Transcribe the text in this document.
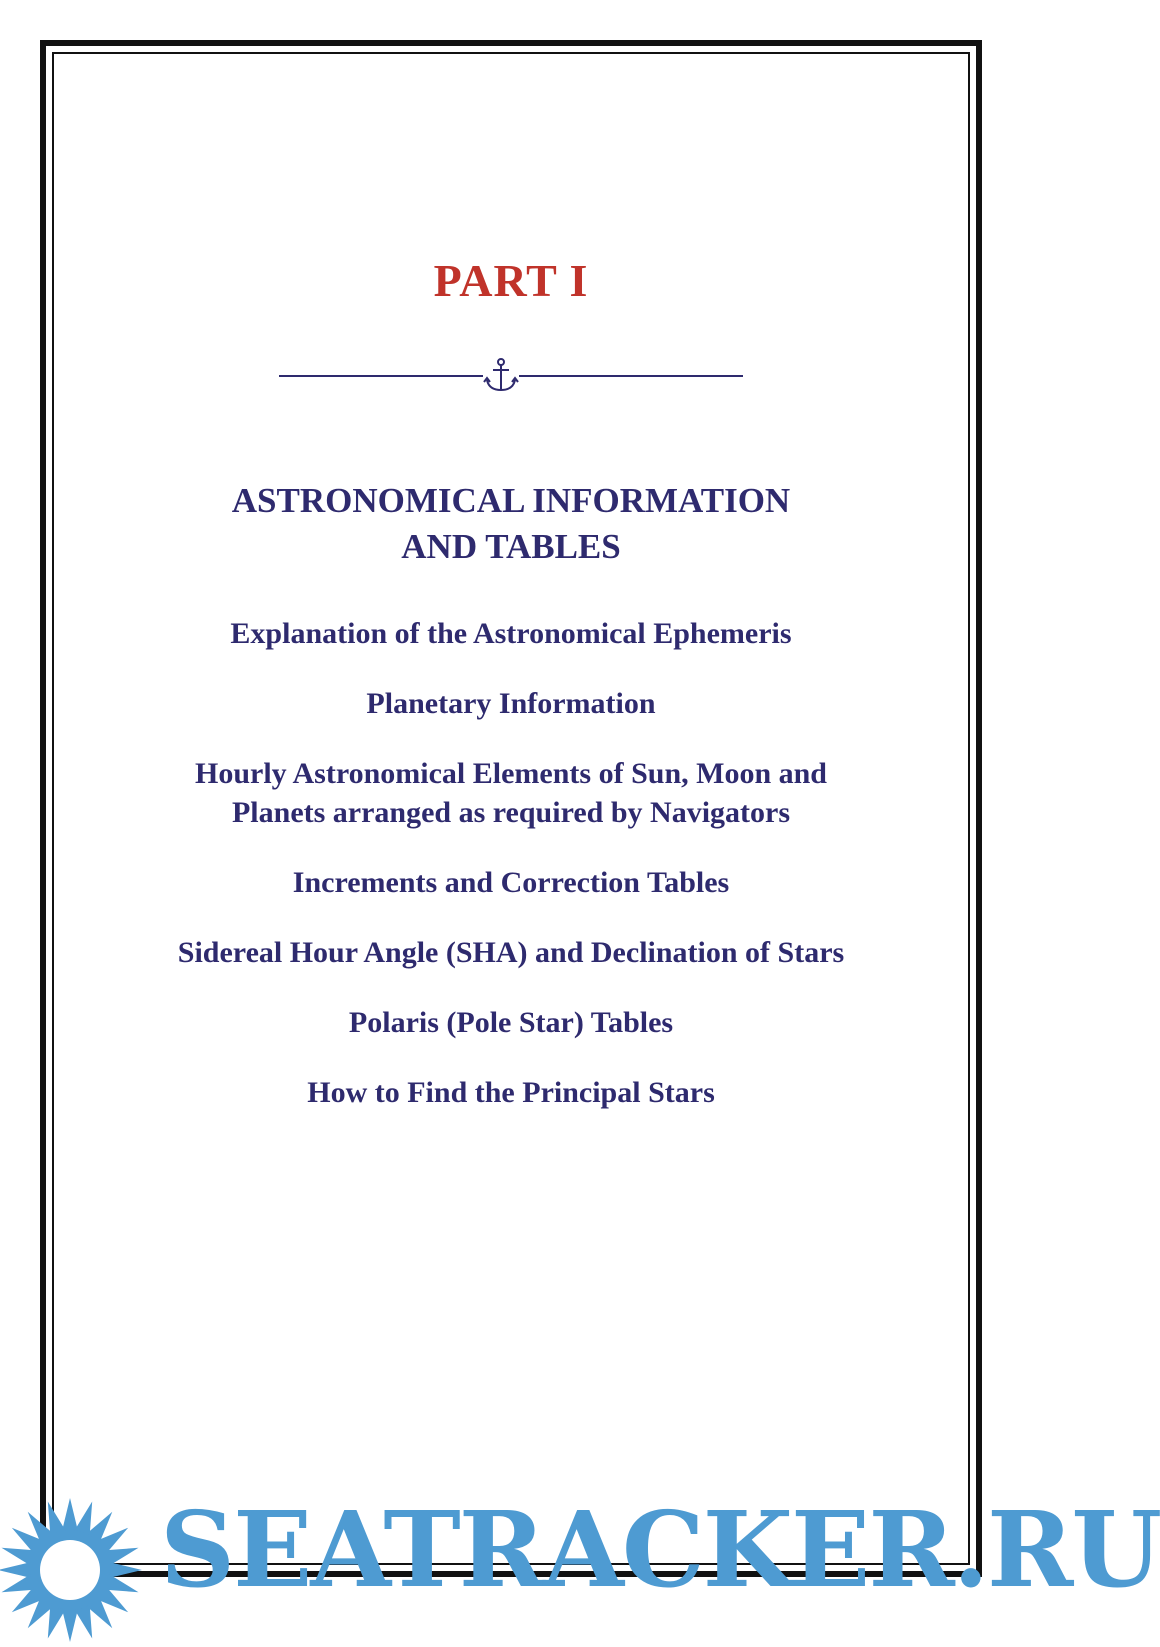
PART I
ASTRONOMICAL INFORMATION
AND TABLES
Explanation of the Astronomical Ephemeris
Planetary Information
Hourly Astronomical Elements of Sun, Moon and
Planets arranged as required by Navigators
Increments and Correction Tables
Sidereal Hour Angle (SHA) and Declination of Stars
Polaris (Pole Star) Tables
How to Find the Principal Stars
SEATRACKER.RU
